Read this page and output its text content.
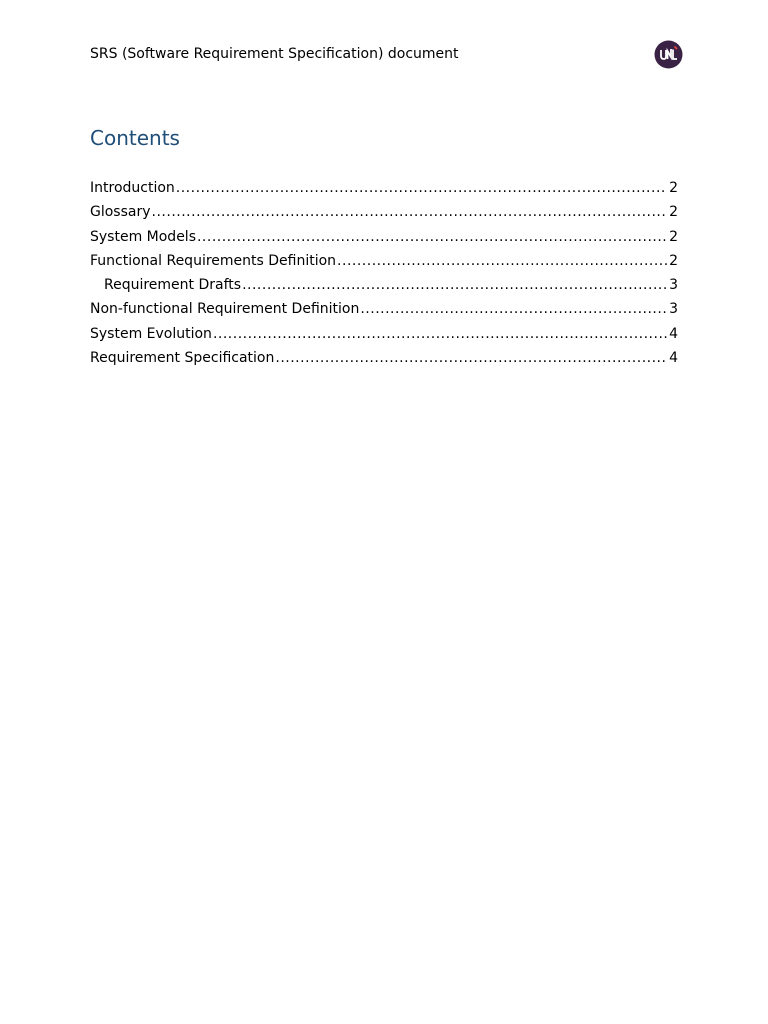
SRS (Software Requirement Specification) document
Contents
Introduction .....	2
Glossary .....	2
System Models .....	2
Functional Requirements Definition .....	2
Requirement Drafts .....	3
Non-functional Requirement Definition .....	3
System Evolution .....	4
Requirement Specification .....	4
